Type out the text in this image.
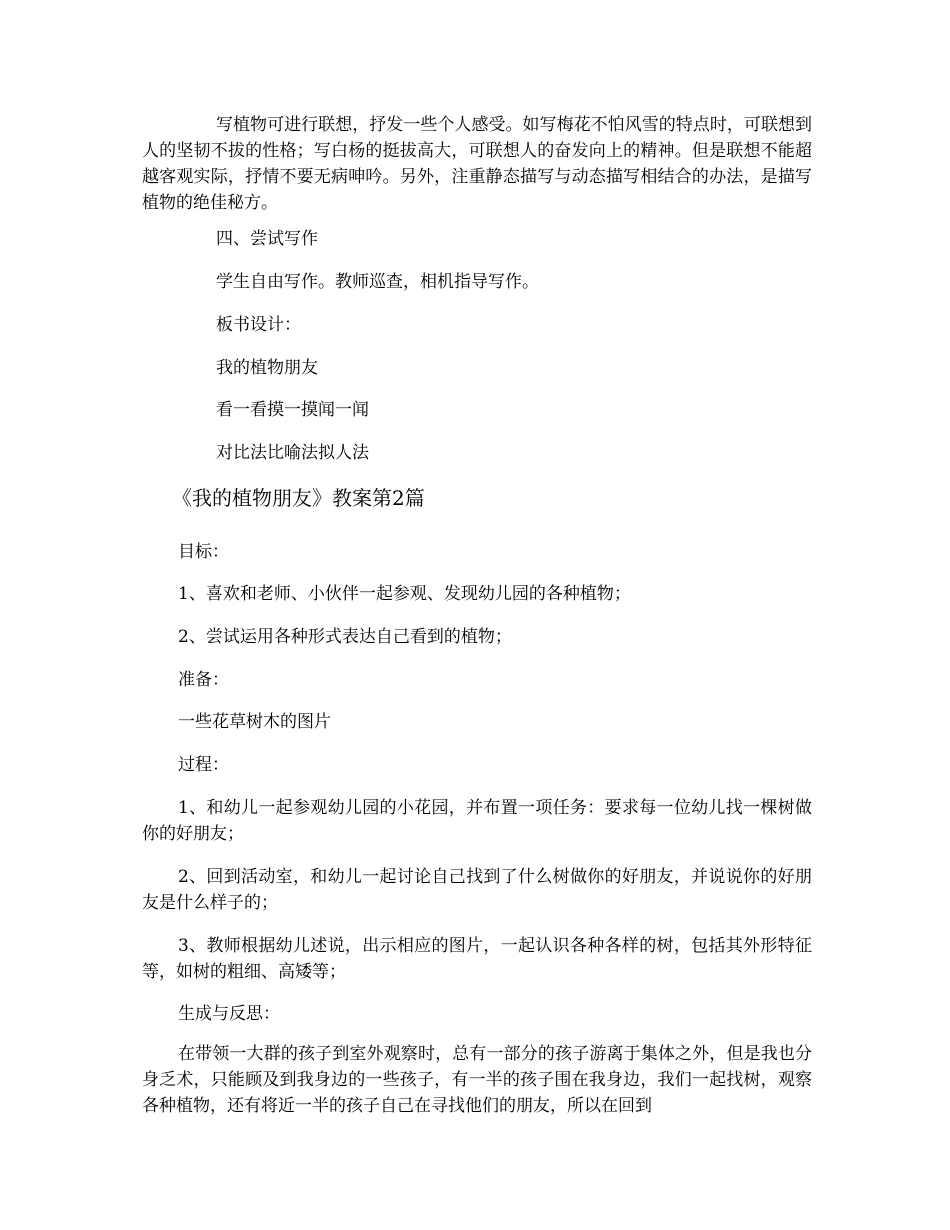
写植物可进行联想，抒发一些个人感受。如写梅花不怕风雪的特点时，可联想到人的坚韧不拔的性格；写白杨的挺拔高大，可联想人的奋发向上的精神。但是联想不能超越客观实际，抒情不要无病呻吟。另外，注重静态描写与动态描写相结合的办法，是描写植物的绝佳秘方。

四、尝试写作

学生自由写作。教师巡查，相机指导写作。

板书设计：

我的植物朋友

看一看摸一摸闻一闻

对比法比喻法拟人法

《我的植物朋友》教案第2篇

目标：

1、喜欢和老师、小伙伴一起参观、发现幼儿园的各种植物；

2、尝试运用各种形式表达自己看到的植物；

准备：

一些花草树木的图片

过程：

1、和幼儿一起参观幼儿园的小花园，并布置一项任务：要求每一位幼儿找一棵树做你的好朋友；

2、回到活动室，和幼儿一起讨论自己找到了什么树做你的好朋友，并说说你的好朋友是什么样子的；

3、教师根据幼儿述说，出示相应的图片，一起认识各种各样的树，包括其外形特征等，如树的粗细、高矮等；

生成与反思：

在带领一大群的孩子到室外观察时，总有一部分的孩子游离于集体之外，但是我也分身乏术，只能顾及到我身边的一些孩子，有一半的孩子围在我身边，我们一起找树，观察各种植物，还有将近一半的孩子自己在寻找他们的朋友，所以在回到
